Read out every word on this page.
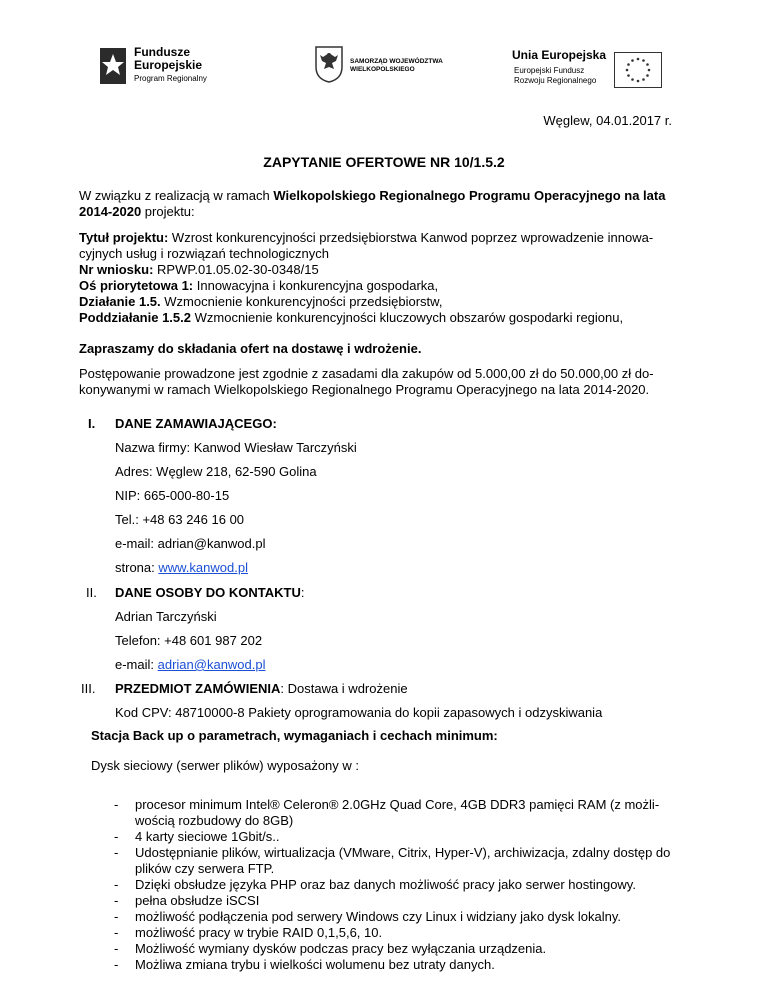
Fundusze
Europejskie
Program Regionalny
SAMORZĄD WOJEWÓDZTWA
WIELKOPOLSKIEGO
Unia Europejska
Europejski Fundusz
Rozwoju Regionalnego
Węglew, 04.01.2017 r.
ZAPYTANIE OFERTOWE NR 10/1.5.2
W związku z realizacją w ramach Wielkopolskiego Regionalnego Programu Operacyjnego na lata
2014-2020 projektu:
Tytuł projektu: Wzrost konkurencyjności przedsiębiorstwa Kanwod poprzez wprowadzenie innowa-
cyjnych usług i rozwiązań technologicznych
Nr wniosku: RPWP.01.05.02-30-0348/15
Oś priorytetowa 1: Innowacyjna i konkurencyjna gospodarka,
Działanie 1.5. Wzmocnienie konkurencyjności przedsiębiorstw,
Poddziałanie 1.5.2 Wzmocnienie konkurencyjności kluczowych obszarów gospodarki regionu,
Zapraszamy do składania ofert na dostawę i wdrożenie.
Postępowanie prowadzone jest zgodnie z zasadami dla zakupów od 5.000,00 zł do 50.000,00 zł do-
konywanymi w ramach Wielkopolskiego Regionalnego Programu Operacyjnego na lata 2014-2020.
I. DANE ZAMAWIAJĄCEGO:
Nazwa firmy: Kanwod Wiesław Tarczyński
Adres: Węglew 218, 62-590 Golina
NIP: 665-000-80-15
Tel.: +48 63 246 16 00
e-mail: adrian@kanwod.pl
strona: www.kanwod.pl
II. DANE OSOBY DO KONTAKTU:
Adrian Tarczyński
Telefon: +48 601 987 202
e-mail: adrian@kanwod.pl
III. PRZEDMIOT ZAMÓWIENIA: Dostawa i wdrożenie
Kod CPV: 48710000-8 Pakiety oprogramowania do kopii zapasowych i odzyskiwania
Stacja Back up o parametrach, wymaganiach i cechach minimum:
Dysk sieciowy (serwer plików) wyposażony w :
- procesor minimum Intel® Celeron® 2.0GHz Quad Core, 4GB DDR3 pamięci RAM (z możli-
wością rozbudowy do 8GB)
- 4 karty sieciowe 1Gbit/s..
- Udostępnianie plików, wirtualizacja (VMware, Citrix, Hyper-V), archiwizacja, zdalny dostęp do
plików czy serwera FTP.
- Dzięki obsłudze języka PHP oraz baz danych możliwość pracy jako serwer hostingowy.
- pełna obsłudze iSCSI
- możliwość podłączenia pod serwery Windows czy Linux i widziany jako dysk lokalny.
- możliwość pracy w trybie RAID 0,1,5,6, 10.
- Możliwość wymiany dysków podczas pracy bez wyłączania urządzenia.
- Możliwa zmiana trybu i wielkości wolumenu bez utraty danych.
